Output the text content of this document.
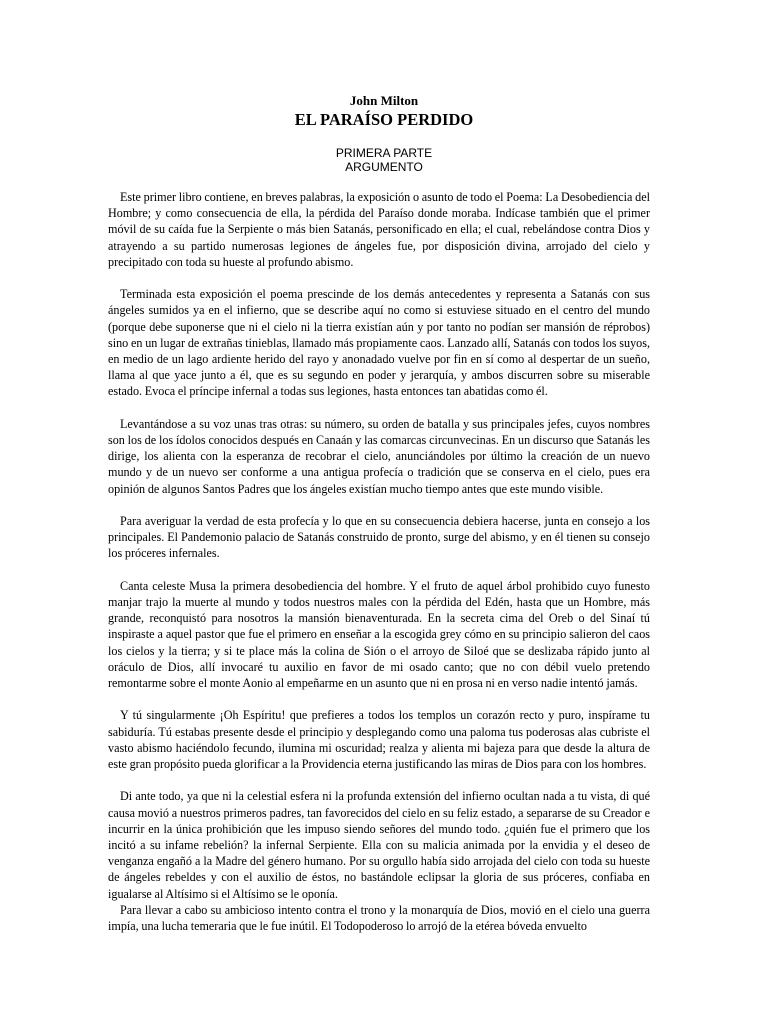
John Milton
EL PARAÍSO PERDIDO
PRIMERA PARTE
ARGUMENTO

Este primer libro contiene, en breves palabras, la exposición o asunto de todo el Poema: La Desobediencia del Hombre; y como consecuencia de ella, la pérdida del Paraíso donde moraba. Indícase también que el primer móvil de su caída fue la Serpiente o más bien Satanás, personificado en ella; el cual, rebelándose contra Dios y atrayendo a su partido numerosas legiones de ángeles fue, por disposición divina, arrojado del cielo y precipitado con toda su hueste al profundo abismo.

Terminada esta exposición el poema prescinde de los demás antecedentes y representa a Satanás con sus ángeles sumidos ya en el infierno, que se describe aquí no como si estuviese situado en el centro del mundo (porque debe suponerse que ni el cielo ni la tierra existían aún y por tanto no podían ser mansión de réprobos) sino en un lugar de extrañas tinieblas, llamado más propiamente caos. Lanzado allí, Satanás con todos los suyos, en medio de un lago ardiente herido del rayo y anonadado vuelve por fin en sí como al despertar de un sueño, llama al que yace junto a él, que es su segundo en poder y jerarquía, y ambos discurren sobre su miserable estado. Evoca el príncipe infernal a todas sus legiones, hasta entonces tan abatidas como él.

Levantándose a su voz unas tras otras: su número, su orden de batalla y sus principales jefes, cuyos nombres son los de los ídolos conocidos después en Canaán y las comarcas circunvecinas. En un discurso que Satanás les dirige, los alienta con la esperanza de recobrar el cielo, anunciándoles por último la creación de un nuevo mundo y de un nuevo ser conforme a una antigua profecía o tradición que se conserva en el cielo, pues era opinión de algunos Santos Padres que los ángeles existían mucho tiempo antes que este mundo visible.

Para averiguar la verdad de esta profecía y lo que en su consecuencia debiera hacerse, junta en consejo a los principales. El Pandemonio palacio de Satanás construido de pronto, surge del abismo, y en él tienen su consejo los próceres infernales.

Canta celeste Musa la primera desobediencia del hombre. Y el fruto de aquel árbol prohibido cuyo funesto manjar trajo la muerte al mundo y todos nuestros males con la pérdida del Edén, hasta que un Hombre, más grande, reconquistó para nosotros la mansión bienaventurada. En la secreta cima del Oreb o del Sinaí tú inspiraste a aquel pastor que fue el primero en enseñar a la escogida grey cómo en su principio salieron del caos los cielos y la tierra; y si te place más la colina de Sión o el arroyo de Siloé que se deslizaba rápido junto al oráculo de Dios, allí invocaré tu auxilio en favor de mi osado canto; que no con débil vuelo pretendo remontarme sobre el monte Aonio al empeñarme en un asunto que ni en prosa ni en verso nadie intentó jamás.

Y tú singularmente ¡Oh Espíritu! que prefieres a todos los templos un corazón recto y puro, inspírame tu sabiduría. Tú estabas presente desde el principio y desplegando como una paloma tus poderosas alas cubriste el vasto abismo haciéndolo fecundo, ilumina mi oscuridad; realza y alienta mi bajeza para que desde la altura de este gran propósito pueda glorificar a la Providencia eterna justificando las miras de Dios para con los hombres.

Di ante todo, ya que ni la celestial esfera ni la profunda extensión del infierno ocultan nada a tu vista, di qué causa movió a nuestros primeros padres, tan favorecidos del cielo en su feliz estado, a separarse de su Creador e incurrir en la única prohibición que les impuso siendo señores del mundo todo. ¿quién fue el primero que los incitó a su infame rebelión? la infernal Serpiente. Ella con su malicia animada por la envidia y el deseo de venganza engañó a la Madre del género humano. Por su orgullo había sido arrojada del cielo con toda su hueste de ángeles rebeldes y con el auxilio de éstos, no bastándole eclipsar la gloria de sus próceres, confiaba en igualarse al Altísimo si el Altísimo se le oponía.

Para llevar a cabo su ambicioso intento contra el trono y la monarquía de Dios, movió en el cielo una guerra impía, una lucha temeraria que le fue inútil. El Todopoderoso lo arrojó de la etérea bóveda envuelto
